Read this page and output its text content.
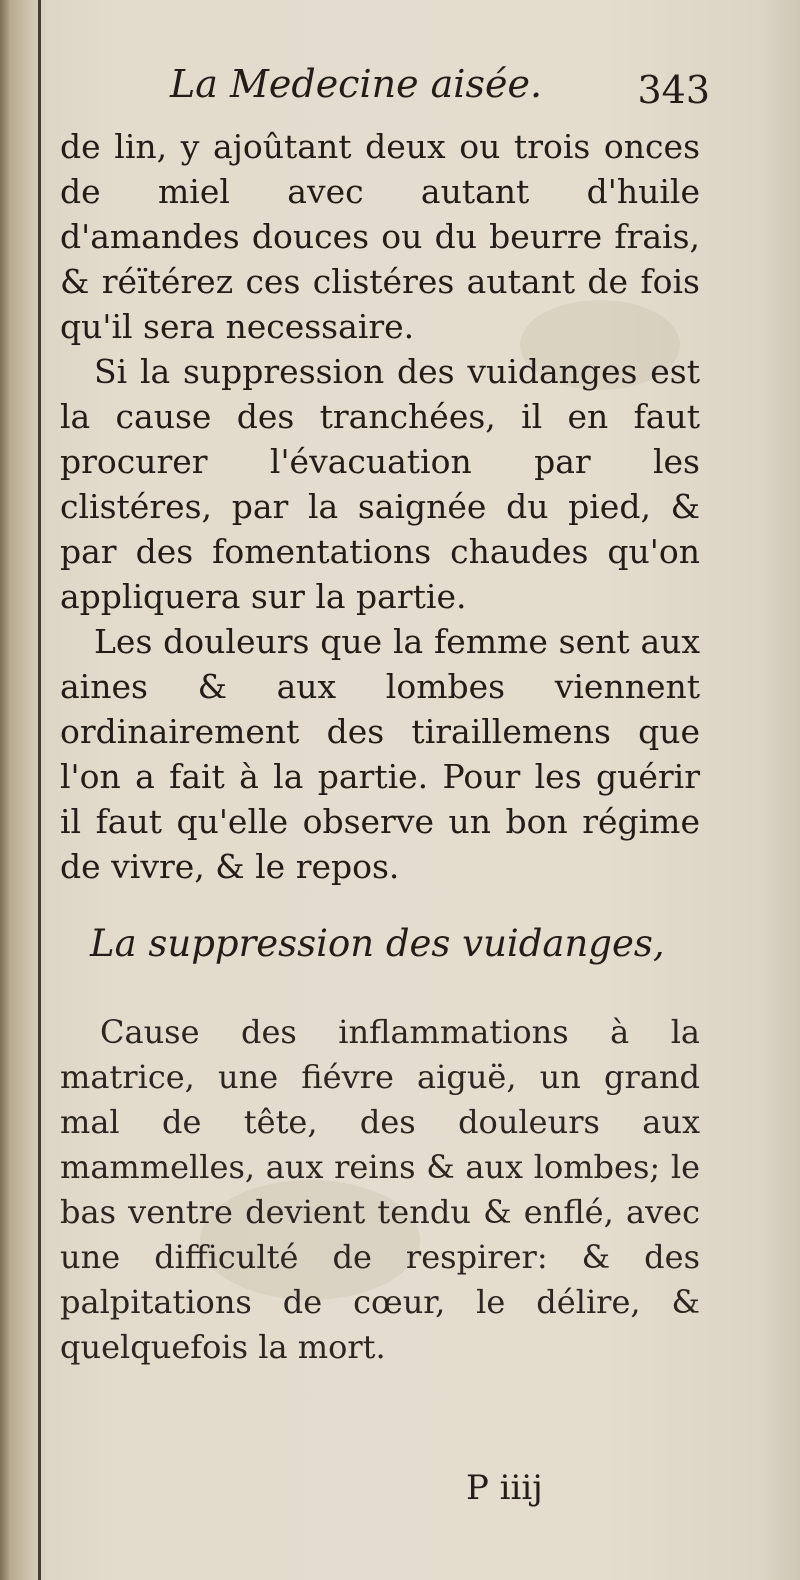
La Medecine aisée.	343

de lin, y ajoûtant deux ou trois onces de miel avec autant d'huile d'amandes douces ou du beurre frais, & réïtérez ces clistéres autant de fois qu'il sera necessaire.

Si la suppression des vuidanges est la cause des tranchées, il en faut procurer l'évacuation par les clistéres, par la saignée du pied, & par des fomentations chaudes qu'on appliquera sur la partie.

Les douleurs que la femme sent aux aines & aux lombes viennent ordinairement des tiraillemens que l'on a fait à la partie. Pour les guérir il faut qu'elle observe un bon régime de vivre, & le repos.

La suppression des vuidanges,

Cause des inflammations à la matrice, une fiévre aiguë, un grand mal de tête, des douleurs aux mammelles, aux reins & aux lombes; le bas ventre devient tendu & enflé, avec une difficulté de respirer: & des palpitations de cœur, le délire, & quelquefois la mort.

P iiij
